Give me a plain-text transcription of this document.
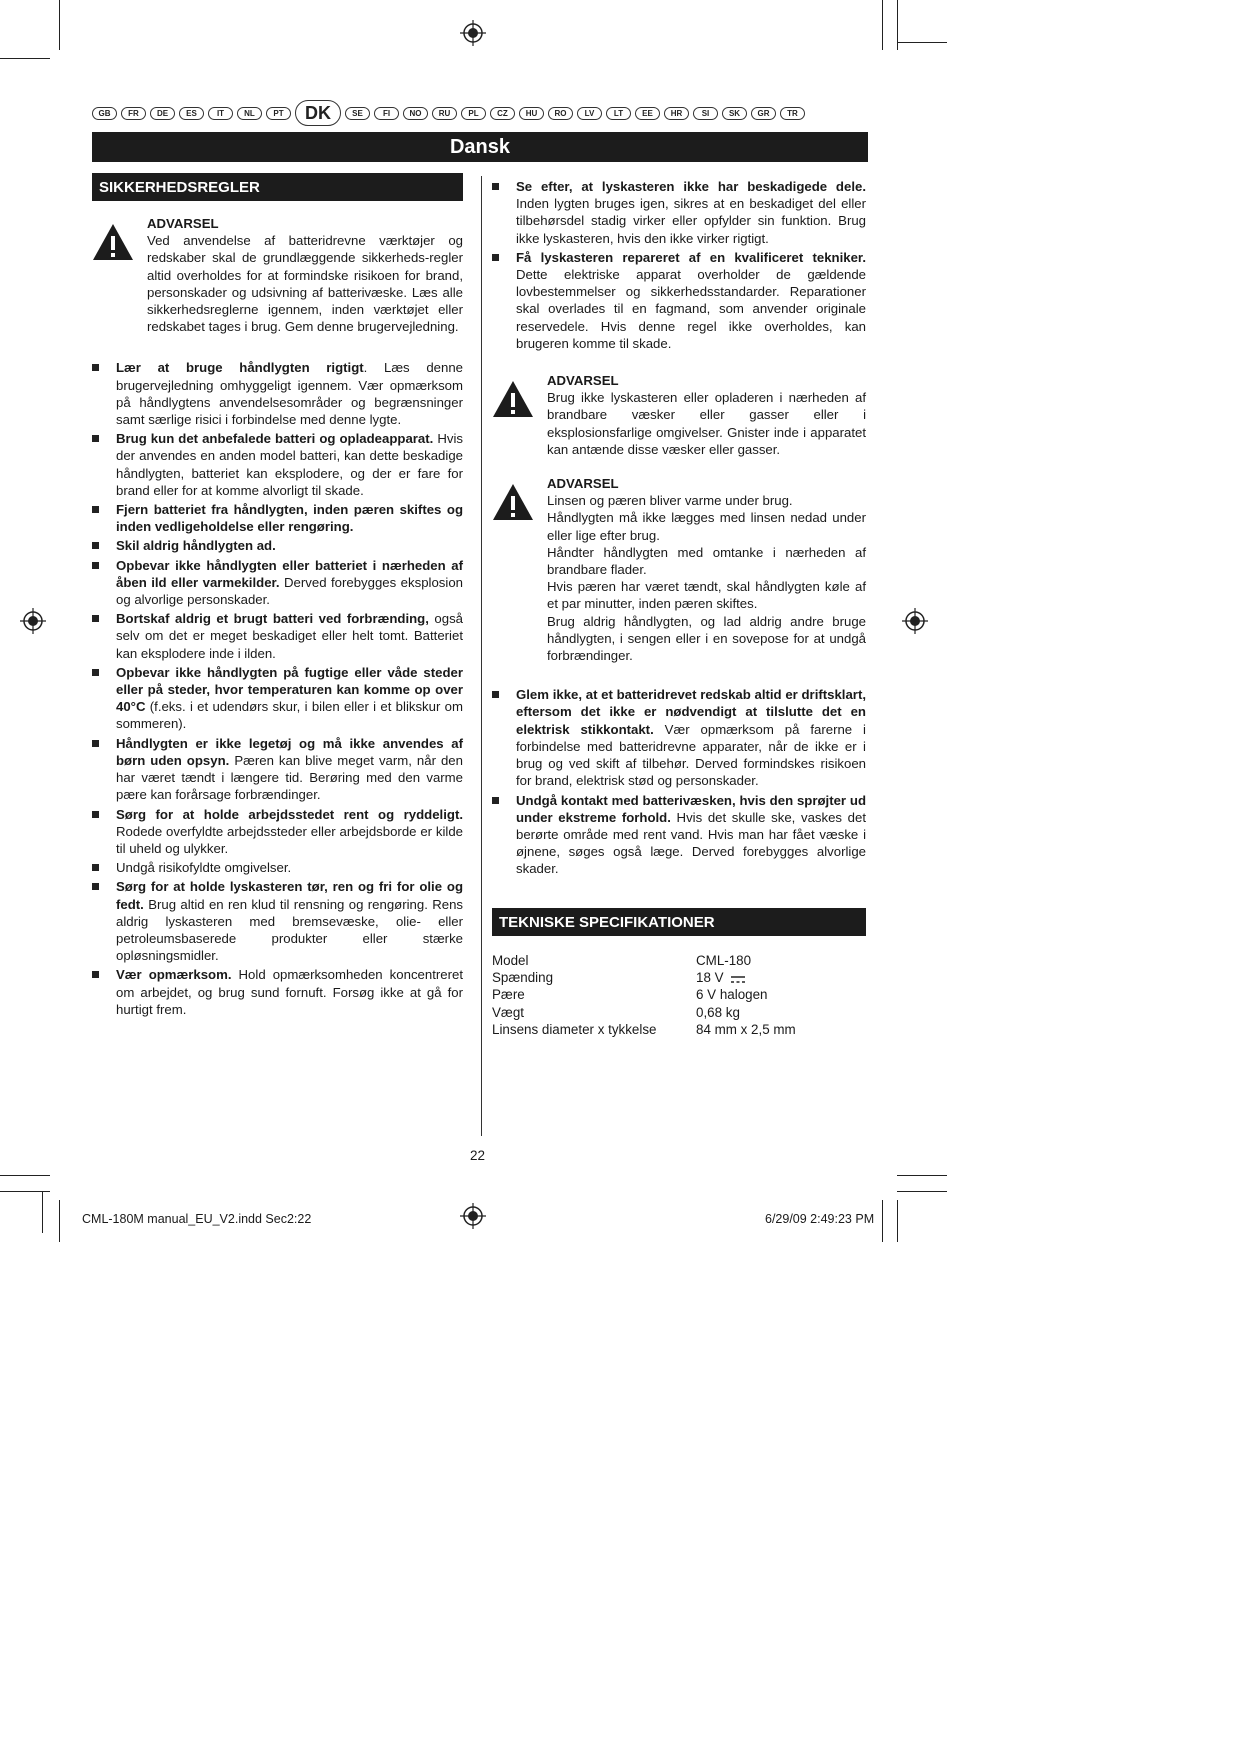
GB	FR	DE	ES	IT	NL	PT	DK	SE	FI	NO	RU	PL	CZ	HU	RO	LV	LT	EE	HR	SI	SK	GR	TR
Dansk
SIKKERHEDSREGLER
ADVARSEL

Ved anvendelse af batteridrevne værktøjer og redskaber skal de grundlæggende sikkerheds-regler altid overholdes for at formindske risikoen for brand, personskader og udsivning af batterivæske. Læs alle sikkerhedsreglerne igennem, inden værktøjet eller redskabet tages i brug. Gem denne brugervejledning.

Lær at bruge håndlygten rigtigt. Læs denne brugervejledning omhyggeligt igennem. Vær opmærksom på håndlygtens anvendelsesområder og begrænsninger samt særlige risici i forbindelse med denne lygte.
Brug kun det anbefalede batteri og opladeapparat. Hvis der anvendes en anden model batteri, kan dette beskadige håndlygten, batteriet kan eksplodere, og der er fare for brand eller for at komme alvorligt til skade.
Fjern batteriet fra håndlygten, inden pæren skiftes og inden vedligeholdelse eller rengøring.
Skil aldrig håndlygten ad.
Opbevar ikke håndlygten eller batteriet i nærheden af åben ild eller varmekilder. Derved forebygges eksplosion og alvorlige personskader.
Bortskaf aldrig et brugt batteri ved forbrænding, også selv om det er meget beskadiget eller helt tomt. Batteriet kan eksplodere inde i ilden.
Opbevar ikke håndlygten på fugtige eller våde steder eller på steder, hvor temperaturen kan komme op over 40°C (f.eks. i et udendørs skur, i bilen eller i et blikskur om sommeren).
Håndlygten er ikke legetøj og må ikke anvendes af børn uden opsyn. Pæren kan blive meget varm, når den har været tændt i længere tid. Berøring med den varme pære kan forårsage forbrændinger.
Sørg for at holde arbejdsstedet rent og ryddeligt. Rodede overfyldte arbejdssteder eller arbejdsborde er kilde til uheld og ulykker.
Undgå risikofyldte omgivelser.
Sørg for at holde lyskasteren tør, ren og fri for olie og fedt. Brug altid en ren klud til rensning og rengøring. Rens aldrig lyskasteren med bremsevæske, olie- eller petroleumsbaserede produkter eller stærke opløsningsmidler.
Vær opmærksom. Hold opmærksomheden koncentreret om arbejdet, og brug sund fornuft. Forsøg ikke at gå for hurtigt frem.
Se efter, at lyskasteren ikke har beskadigede dele. Inden lygten bruges igen, sikres at en beskadiget del eller tilbehørsdel stadig virker eller opfylder sin funktion. Brug ikke lyskasteren, hvis den ikke virker rigtigt.
Få lyskasteren repareret af en kvalificeret tekniker. Dette elektriske apparat overholder de gældende lovbestemmelser og sikkerhedsstandarder. Reparationer skal overlades til en fagmand, som anvender originale reservedele. Hvis denne regel ikke overholdes, kan brugeren komme til skade.
ADVARSEL

Brug ikke lyskasteren eller opladeren i nærheden af brandbare væsker eller gasser eller i eksplosionsfarlige omgivelser. Gnister inde i apparatet kan antænde disse væsker eller gasser.

ADVARSEL

Linsen og pæren bliver varme under brug.

Håndlygten må ikke lægges med linsen nedad under eller lige efter brug.

Håndter håndlygten med omtanke i nærheden af brandbare flader.

Hvis pæren har været tændt, skal håndlygten køle af et par minutter, inden pæren skiftes.

Brug aldrig håndlygten, og lad aldrig andre bruge håndlygten, i sengen eller i en sovepose for at undgå forbrændinger.

Glem ikke, at et batteridrevet redskab altid er driftsklart, eftersom det ikke er nødvendigt at tilslutte det en elektrisk stikkontakt. Vær opmærksom på farerne i forbindelse med batteridrevne apparater, når de ikke er i brug og ved skift af tilbehør. Derved formindskes risikoen for brand, elektrisk stød og personskader.
Undgå kontakt med batterivæsken, hvis den sprøjter ud under ekstreme forhold. Hvis det skulle ske, vaskes det berørte område med rent vand. Hvis man har fået væske i øjnene, søges også læge. Derved forebygges alvorlige skader.
TEKNISKE SPECIFIKATIONER
Model	CML-180
Spænding	18 V
Pære	6 V halogen
Vægt	0,68 kg
Linsens diameter x tykkelse	84 mm x 2,5 mm
22
CML-180M manual_EU_V2.indd Sec2:22	6/29/09 2:49:23 PM
